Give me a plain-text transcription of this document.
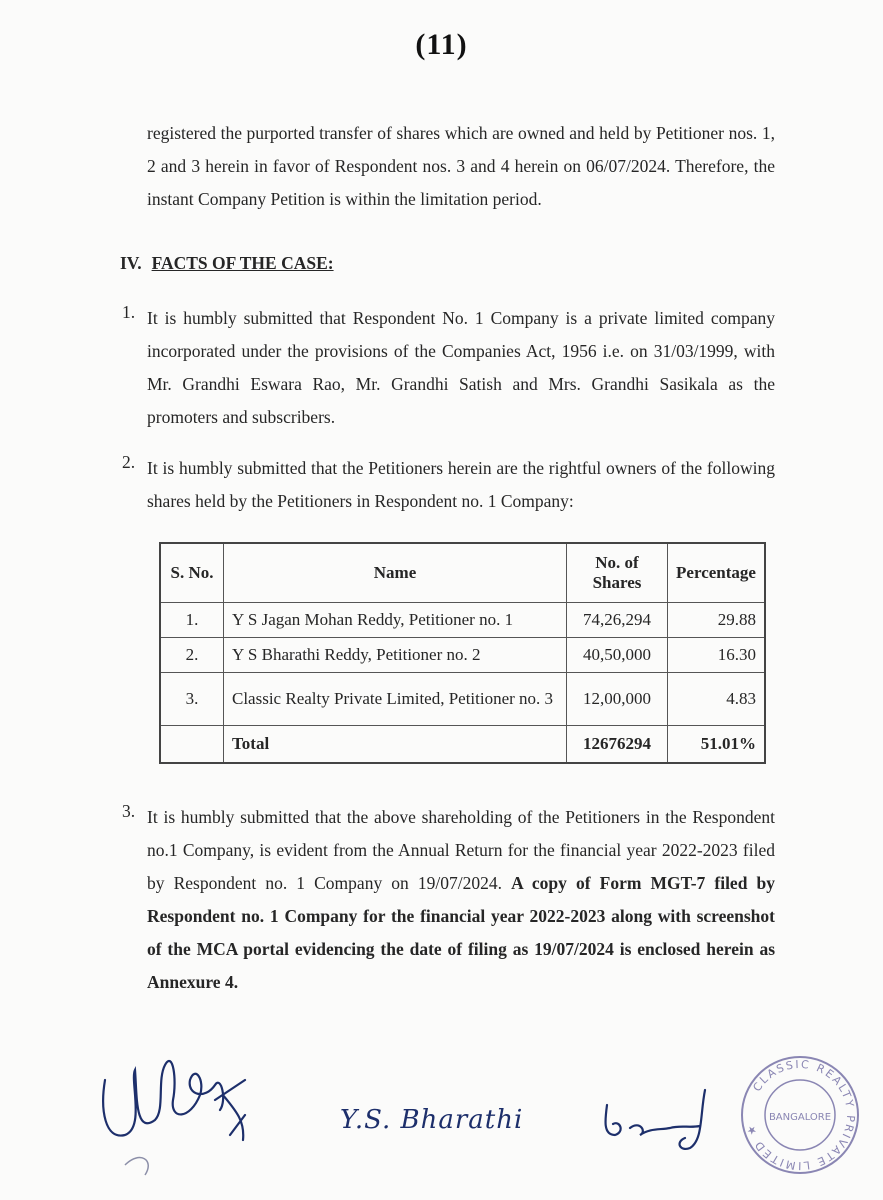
(11)
registered the purported transfer of shares which are owned and held by Petitioner nos. 1, 2 and 3 herein in favor of Respondent nos. 3 and 4 herein on 06/07/2024. Therefore, the instant Company Petition is within the limitation period.
IV. FACTS OF THE CASE:
1. It is humbly submitted that Respondent No. 1 Company is a private limited company incorporated under the provisions of the Companies Act, 1956 i.e. on 31/03/1999, with Mr. Grandhi Eswara Rao, Mr. Grandhi Satish and Mrs. Grandhi Sasikala as the promoters and subscribers.
2. It is humbly submitted that the Petitioners herein are the rightful owners of the following shares held by the Petitioners in Respondent no. 1 Company:
S. No.	Name	No. of Shares	Percentage
1.	Y S Jagan Mohan Reddy, Petitioner no. 1	74,26,294	29.88
2.	Y S Bharathi Reddy, Petitioner no. 2	40,50,000	16.30
3.	Classic Realty Private Limited, Petitioner no. 3	12,00,000	4.83
	Total	12676294	51.01%
3. It is humbly submitted that the above shareholding of the Petitioners in the Respondent no.1 Company, is evident from the Annual Return for the financial year 2022-2023 filed by Respondent no. 1 Company on 19/07/2024. A copy of Form MGT-7 filed by Respondent no. 1 Company for the financial year 2022-2023 along with screenshot of the MCA portal evidencing the date of filing as 19/07/2024 is enclosed herein as Annexure 4.
Y.S. Bharathi
CLASSIC REALTY PRIVATE LIMITED ★
BANGALORE
